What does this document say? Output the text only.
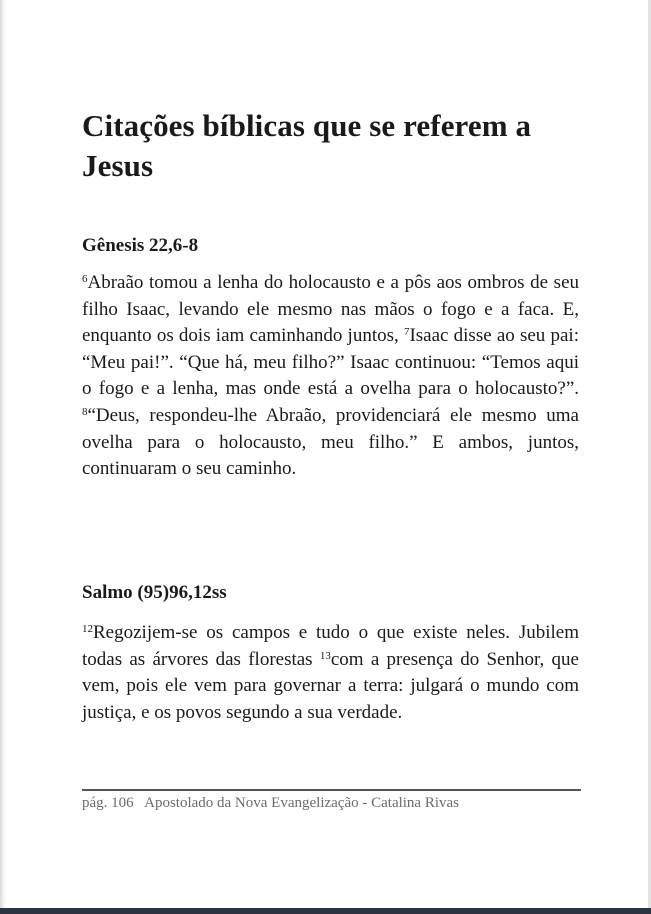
Citações bíblicas que se referem a Jesus
Gênesis 22,6-8

$^6$Abraão tomou a lenha do holocausto e a pôs aos ombros de seu filho Isaac, levando ele mesmo nas mãos o fogo e a faca. E, enquanto os dois iam caminhando juntos, $^7$Isaac disse ao seu pai: “Meu pai!”. “Que há, meu filho?” Isaac continuou: “Temos aqui o fogo e a lenha, mas onde está a ovelha para o holocausto?”. $^8$“Deus, respondeu-lhe Abraão, providenciará ele mesmo uma ovelha para o holocausto, meu filho.” E ambos, juntos, continuaram o seu caminho.

Salmo (95)96,12ss

$^{12}$Regozijem-se os campos e tudo o que existe neles. Jubilem todas as árvores das florestas $^{13}$com a presença do Senhor, que vem, pois ele vem para governar a terra: julgará o mundo com justiça, e os povos segundo a sua verdade.

pág. 106 Apostolado da Nova Evangelização - Catalina Rivas
